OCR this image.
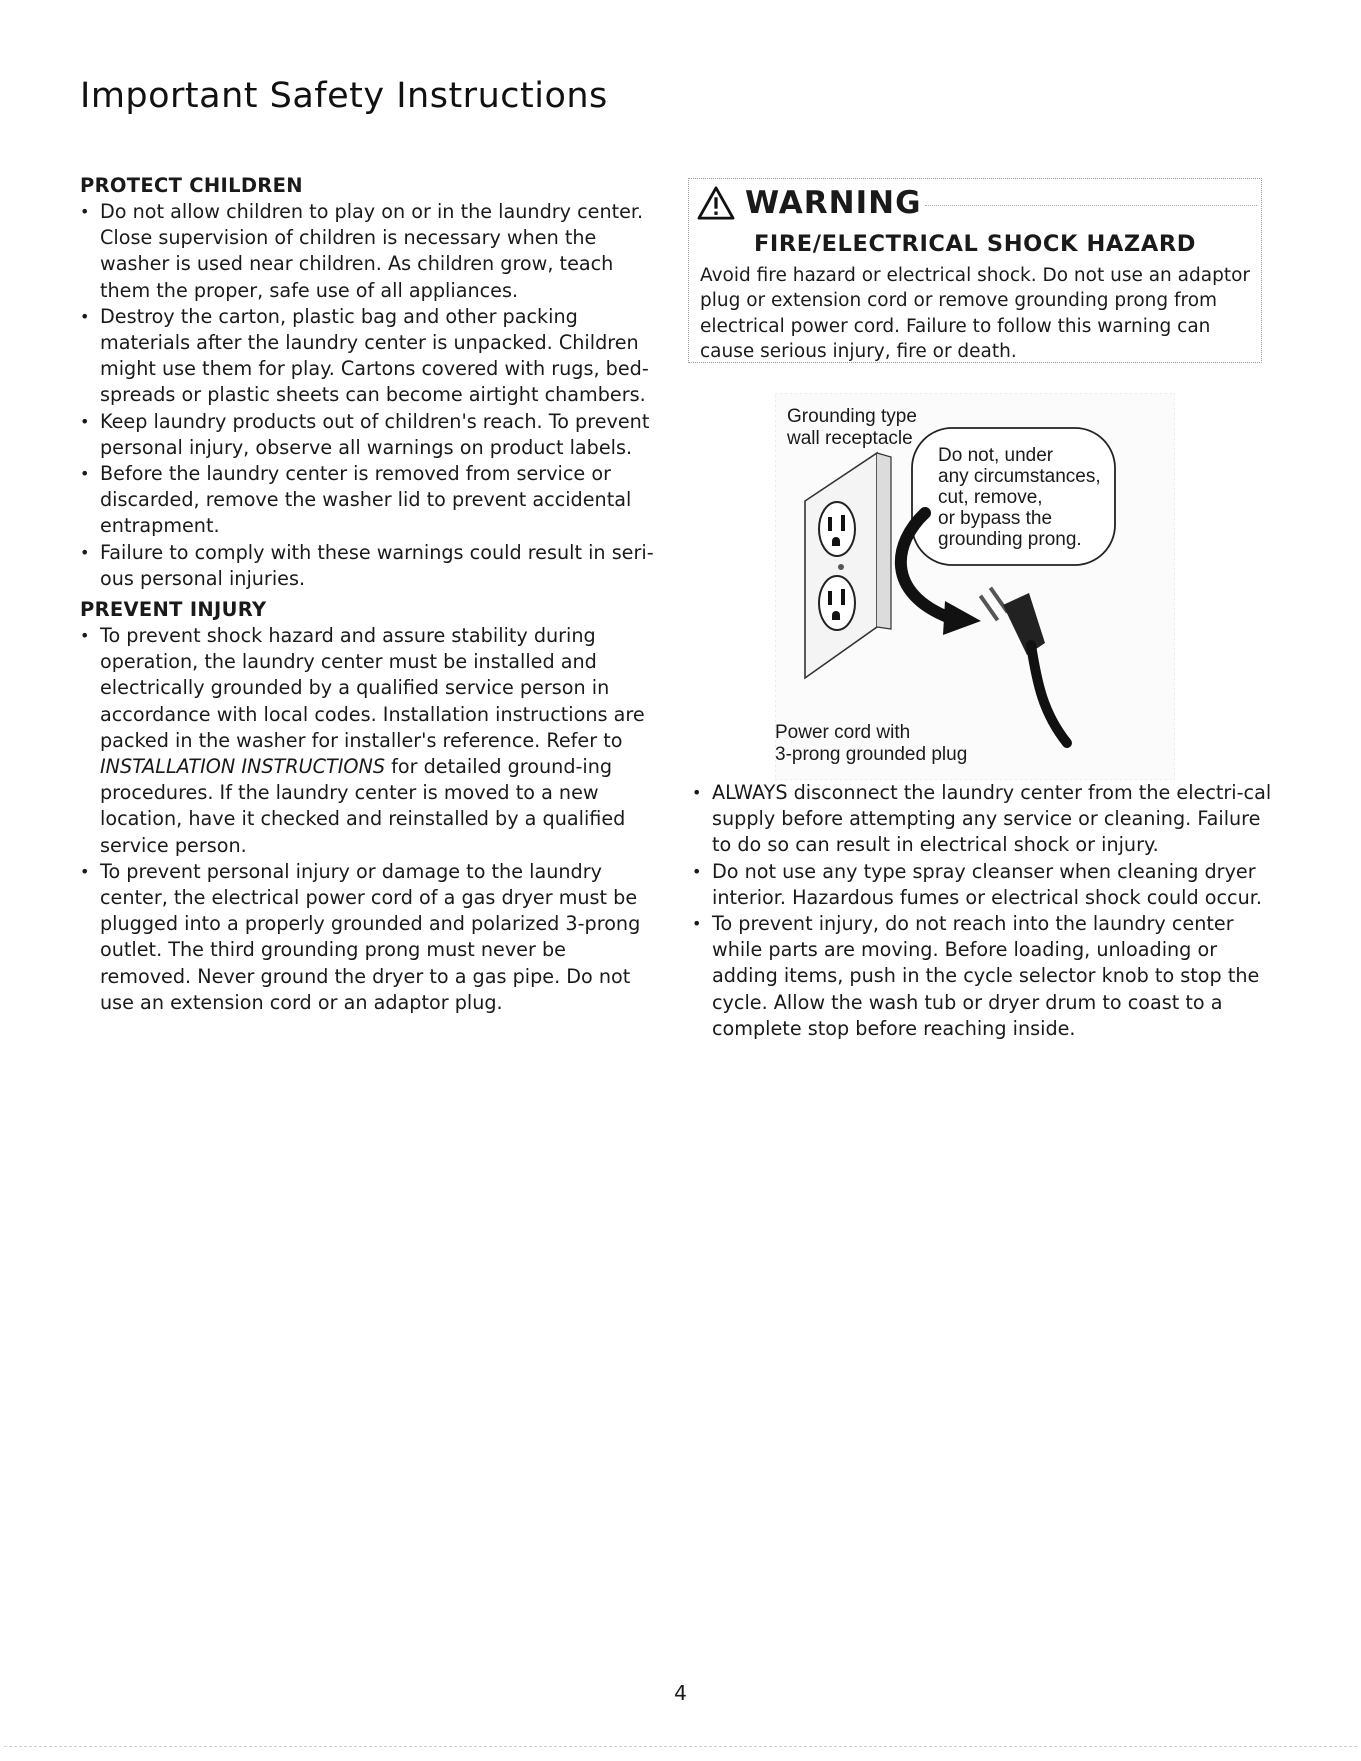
Important Safety Instructions
PROTECT CHILDREN
• Do not allow children to play on or in the laundry center. Close supervision of children is necessary when the washer is used near children. As children grow, teach them the proper, safe use of all appliances.
• Destroy the carton, plastic bag and other packing materials after the laundry center is unpacked. Children might use them for play. Cartons covered with rugs, bed-spreads or plastic sheets can become airtight chambers.
• Keep laundry products out of children's reach. To prevent personal injury, observe all warnings on product labels.
• Before the laundry center is removed from service or discarded, remove the washer lid to prevent accidental entrapment.
• Failure to comply with these warnings could result in seri-ous personal injuries.
PREVENT INJURY
• To prevent shock hazard and assure stability during operation, the laundry center must be installed and electrically grounded by a qualified service person in accordance with local codes. Installation instructions are packed in the washer for installer's reference. Refer to INSTALLATION INSTRUCTIONS for detailed ground-ing procedures. If the laundry center is moved to a new location, have it checked and reinstalled by a qualified service person.
• To prevent personal injury or damage to the laundry center, the electrical power cord of a gas dryer must be plugged into a properly grounded and polarized 3-prong outlet. The third grounding prong must never be removed. Never ground the dryer to a gas pipe. Do not use an extension cord or an adaptor plug.
WARNING
FIRE/ELECTRICAL SHOCK HAZARD

Avoid fire hazard or electrical shock. Do not use an adaptor plug or extension cord or remove grounding prong from electrical power cord. Failure to follow this warning can cause serious injury, fire or death.

Grounding type
wall receptacle
Do not, under
any circumstances,
cut, remove,
or bypass the
grounding prong.
Power cord with
3-prong grounded plug
• ALWAYS disconnect the laundry center from the electri-cal supply before attempting any service or cleaning. Failure to do so can result in electrical shock or injury.
• Do not use any type spray cleanser when cleaning dryer interior. Hazardous fumes or electrical shock could occur.
• To prevent injury, do not reach into the laundry center while parts are moving. Before loading, unloading or adding items, push in the cycle selector knob to stop the cycle. Allow the wash tub or dryer drum to coast to a complete stop before reaching inside.
4
